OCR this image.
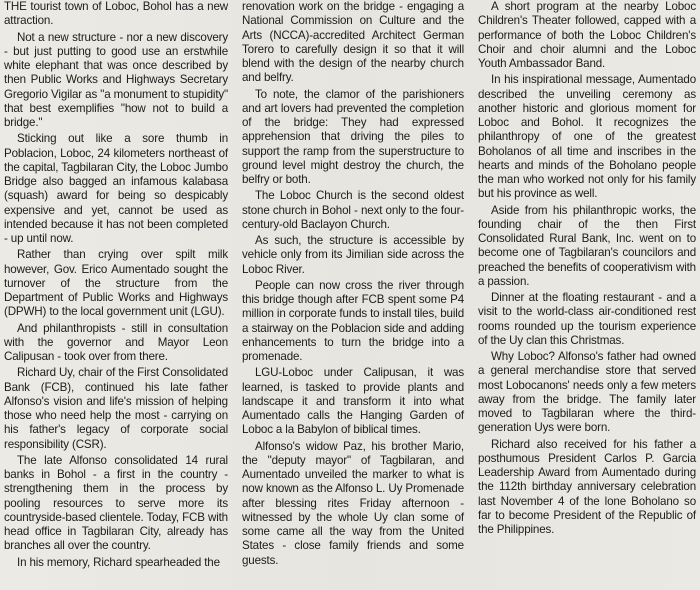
THE tourist town of Loboc, Bohol has a new attraction.

Not a new structure - nor a new discovery - but just putting to good use an erstwhile white elephant that was once described by then Public Works and Highways Secretary Gregorio Vigilar as "a monument to stupidity" that best exemplifies "how not to build a bridge."

Sticking out like a sore thumb in Poblacion, Loboc, 24 kilometers northeast of the capital, Tagbilaran City, the Loboc Jumbo Bridge also bagged an infamous kalabasa (squash) award for being so despicably expensive and yet, cannot be used as intended because it has not been completed - up until now.

Rather than crying over spilt milk however, Gov. Erico Aumentado sought the turnover of the structure from the Department of Public Works and Highways (DPWH) to the local government unit (LGU).

And philanthropists - still in consultation with the governor and Mayor Leon Calipusan - took over from there.

Richard Uy, chair of the First Consolidated Bank (FCB), continued his late father Alfonso's vision and life's mission of helping those who need help the most - carrying on his father's legacy of corporate social responsibility (CSR).

The late Alfonso consolidated 14 rural banks in Bohol - a first in the country - strengthening them in the process by pooling resources to serve more its countryside-based clientele. Today, FCB with head office in Tagbilaran City, already has branches all over the country.

In his memory, Richard spearheaded the

renovation work on the bridge - engaging a National Commission on Culture and the Arts (NCCA)-accredited Architect German Torero to carefully design it so that it will blend with the design of the nearby church and belfry.

To note, the clamor of the parishioners and art lovers had prevented the completion of the bridge: They had expressed apprehension that driving the piles to support the ramp from the superstructure to ground level might destroy the church, the belfry or both.

The Loboc Church is the second oldest stone church in Bohol - next only to the four-century-old Baclayon Church.

As such, the structure is accessible by vehicle only from its Jimilian side across the Loboc River.

People can now cross the river through this bridge though after FCB spent some P4 million in corporate funds to install tiles, build a stairway on the Poblacion side and adding enhancements to turn the bridge into a promenade.

LGU-Loboc under Calipusan, it was learned, is tasked to provide plants and landscape it and transform it into what Aumentado calls the Hanging Garden of Loboc a la Babylon of biblical times.

Alfonso's widow Paz, his brother Mario, the "deputy mayor" of Tagbilaran, and Aumentado unveiled the marker to what is now known as the Alfonso L. Uy Promenade after blessing rites Friday afternoon - witnessed by the whole Uy clan some of some came all the way from the United States - close family friends and some guests.

A short program at the nearby Loboc Children's Theater followed, capped with a performance of both the Loboc Children's Choir and choir alumni and the Loboc Youth Ambassador Band.

In his inspirational message, Aumentado described the unveiling ceremony as another historic and glorious moment for Loboc and Bohol. It recognizes the philanthropy of one of the greatest Boholanos of all time and inscribes in the hearts and minds of the Boholano people the man who worked not only for his family but his province as well.

Aside from his philanthropic works, the founding chair of the then First Consolidated Rural Bank, Inc. went on to become one of Tagbilaran's councilors and preached the benefits of cooperativism with a passion.

Dinner at the floating restaurant - and a visit to the world-class air-conditioned rest rooms rounded up the tourism experience of the Uy clan this Christmas.

Why Loboc? Alfonso's father had owned a general merchandise store that served most Lobocanons' needs only a few meters away from the bridge. The family later moved to Tagbilaran where the third-generation Uys were born.

Richard also received for his father a posthumous President Carlos P. Garcia Leadership Award from Aumentado during the 112th birthday anniversary celebration last November 4 of the lone Boholano so far to become President of the Republic of the Philippines.
